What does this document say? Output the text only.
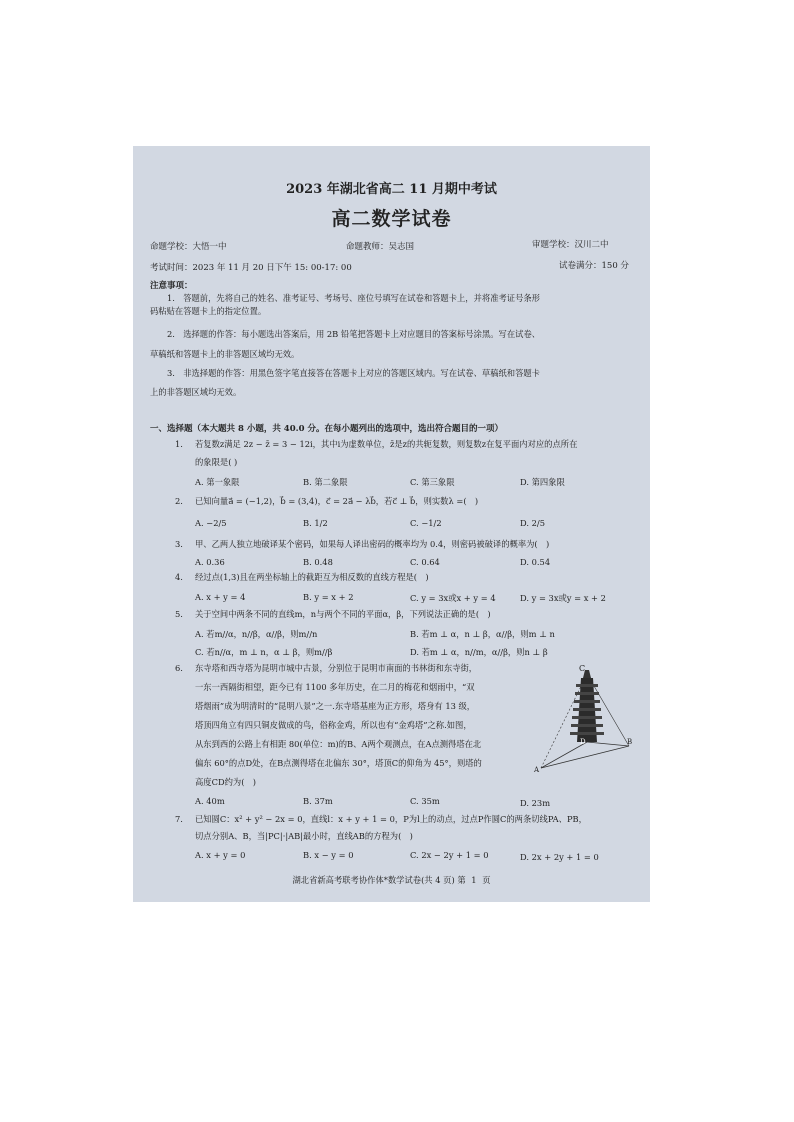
2023 年湖北省高二 11 月期中考试
高二数学试卷
命题学校：大悟一中	命题教师：吴志国	审题学校：汉川二中
考试时间：2023 年 11 月 20 日下午 15: 00-17: 00	试卷满分：150 分
注意事项：
1.　答题前，先将自己的姓名、准考证号、考场号、座位号填写在试卷和答题卡上，并将准考证号条形
码粘贴在答题卡上的指定位置。
2.　选择题的作答：每小题选出答案后，用 2B 铅笔把答题卡上对应题目的答案标号涂黑。写在试卷、
草稿纸和答题卡上的非答题区域均无效。
3.　非选择题的作答：用黑色签字笔直接答在答题卡上对应的答题区域内。写在试卷、草稿纸和答题卡
上的非答题区域均无效。
一、选择题（本大题共 8 小题，共 40.0 分。在每小题列出的选项中，选出符合题目的一项）
1. 若复数z满足 2z − z̄ = 3 − 12i，其中i为虚数单位，z̄是z的共轭复数，则复数z在复平面内对应的点所在
的象限是( )
A. 第一象限	B. 第二象限	C. 第三象限	D. 第四象限
2. 已知向量a⃗ = (−1,2)，b⃗ = (3,4)，c⃗ = 2a⃗ − λb⃗，若c⃗ ⊥ b⃗，则实数λ =(　)
A. −2/5	B. 1/2	C. −1/2	D. 2/5
3. 甲、乙两人独立地破译某个密码，如果每人译出密码的概率均为 0.4，则密码被破译的概率为(　)
A. 0.36	B. 0.48	C. 0.64	D. 0.54
4. 经过点(1,3)且在两坐标轴上的截距互为相反数的直线方程是(　)
A. x + y = 4	B. y = x + 2	C. y = 3x或x + y = 4	D. y = 3x或y = x + 2
5. 关于空间中两条不同的直线m，n与两个不同的平面α，β，下列说法正确的是(　)
A. 若m//α，n//β，α//β，则m//n	B. 若m ⊥ α，n ⊥ β，α//β，则m ⊥ n
C. 若n//α，m ⊥ n，α ⊥ β，则m//β	D. 若m ⊥ α，n//m，α//β，则n ⊥ β
6. 东寺塔和西寺塔为昆明市城中古景，分别位于昆明市南面的书林街和东寺街，
一东一西隔街相望，距今已有 1100 多年历史，在二月的梅花和烟雨中，“双
塔烟雨”成为明清时的“昆明八景”之一.东寺塔基座为正方形，塔身有 13 级，
塔顶四角立有四只铜皮做成的鸟，俗称金鸡，所以也有“金鸡塔”之称.如图，
从东到西的公路上有相距 80(单位：m)的B、A两个观测点，在A点测得塔在北
偏东 60°的点D处，在B点测得塔在北偏东 30°，塔顶C的仰角为 45°，则塔的
高度CD约为(　)
A. 40m	B. 37m	C. 35m	D. 23m
C
D
A
B
7. 已知圆C：x² + y² − 2x = 0，直线l：x + y + 1 = 0，P为l上的动点，过点P作圆C的两条切线PA、PB，
切点分别A、B，当|PC|·|AB|最小时，直线AB的方程为(　)
A. x + y = 0	B. x − y = 0	C. 2x − 2y + 1 = 0	D. 2x + 2y + 1 = 0
湖北省新高考联考协作体*数学试卷(共 4 页) 第 1 页
